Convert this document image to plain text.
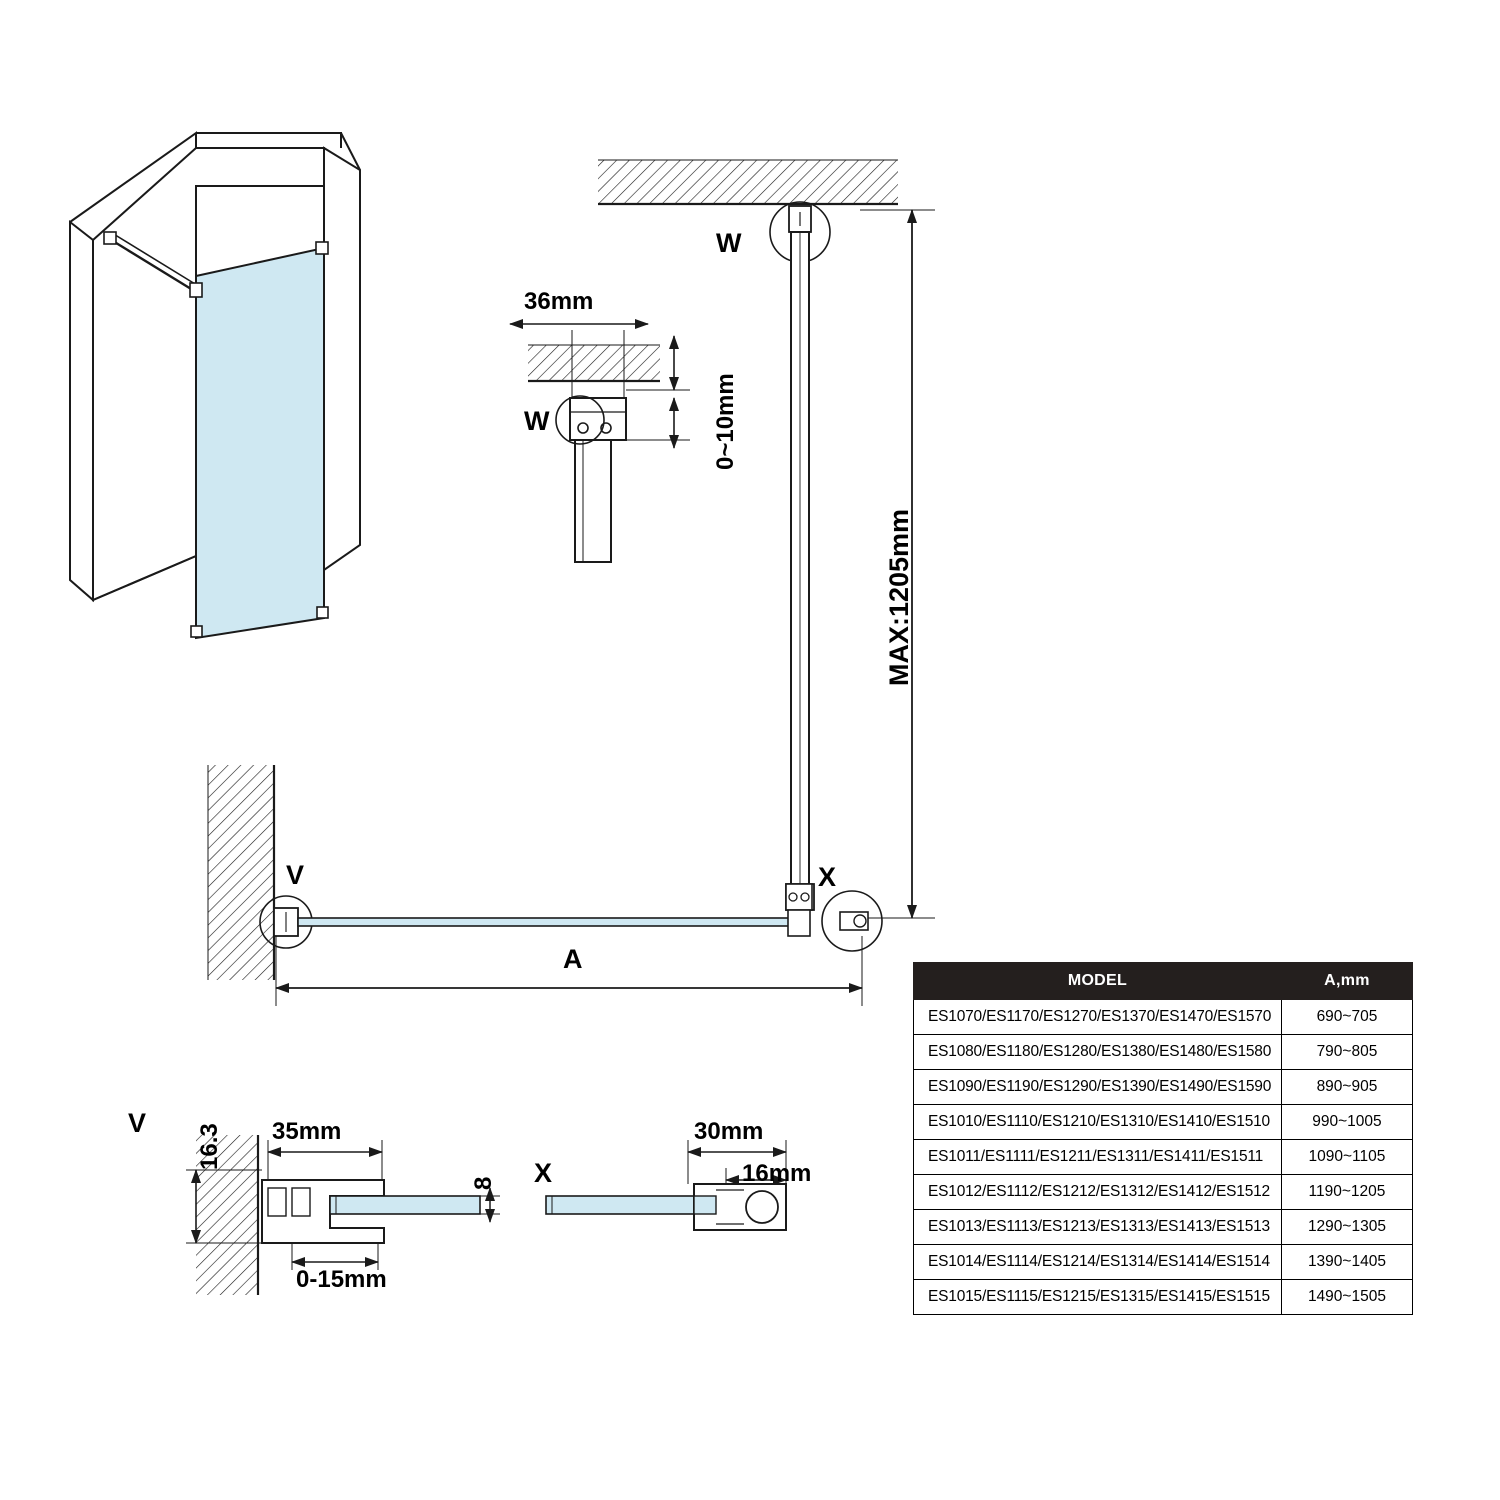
W
W
V	X
V
X
A
36mm
0~10mm
MAX:1205mm
35mm
16.3
0-15mm
8
30mm
16mm
MODEL	A,mm
ES1070/ES1170/ES1270/ES1370/ES1470/ES1570	690~705
ES1080/ES1180/ES1280/ES1380/ES1480/ES1580	790~805
ES1090/ES1190/ES1290/ES1390/ES1490/ES1590	890~905
ES1010/ES1110/ES1210/ES1310/ES1410/ES1510	990~1005
ES1011/ES1111/ES1211/ES1311/ES1411/ES1511	1090~1105
ES1012/ES1112/ES1212/ES1312/ES1412/ES1512	1190~1205
ES1013/ES1113/ES1213/ES1313/ES1413/ES1513	1290~1305
ES1014/ES1114/ES1214/ES1314/ES1414/ES1514	1390~1405
ES1015/ES1115/ES1215/ES1315/ES1415/ES1515	1490~1505
